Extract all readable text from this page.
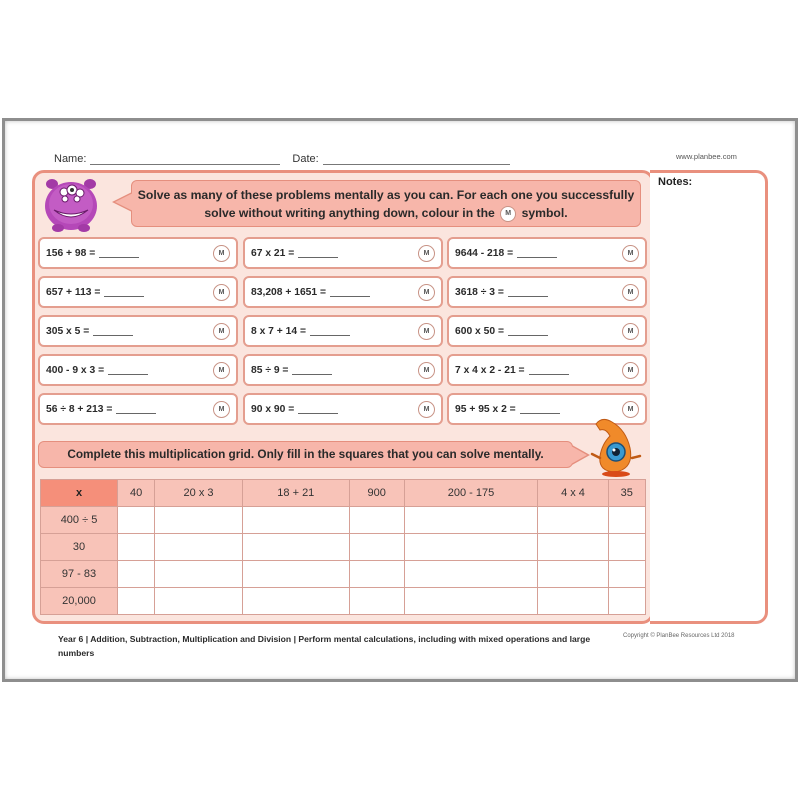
Name:	Date:	www.planbee.com
Notes:
Solve as many of these problems mentally as you can. For each one you successfully
solve without writing anything down, colour in the M symbol.
156 + 98 =	M	67 x 21 =	M	9644 - 218 =	M
657 + 113 =	M	83,208 + 1651 =	M	3618 ÷ 3 =	M
305 x 5 =	M	8 x 7 + 14 =	M	600 x 50 =	M
400 - 9 x 3 =	M	85 ÷ 9 =	M	7 x 4 x 2 - 21 =	M
56 ÷ 8 + 213 =	M	90 x 90 =	M	95 + 95 x 2 =	M
Complete this multiplication grid. Only fill in the squares that you can solve mentally.
x	40	20 x 3	18 + 21	900	200 - 175	4 x 4	35
400 ÷ 5							
30							
97 - 83							
20,000							
Year 6 | Addition, Subtraction, Multiplication and Division | Perform mental calculations, including with mixed operations and large numbers
Copyright © PlanBee Resources Ltd 2018
